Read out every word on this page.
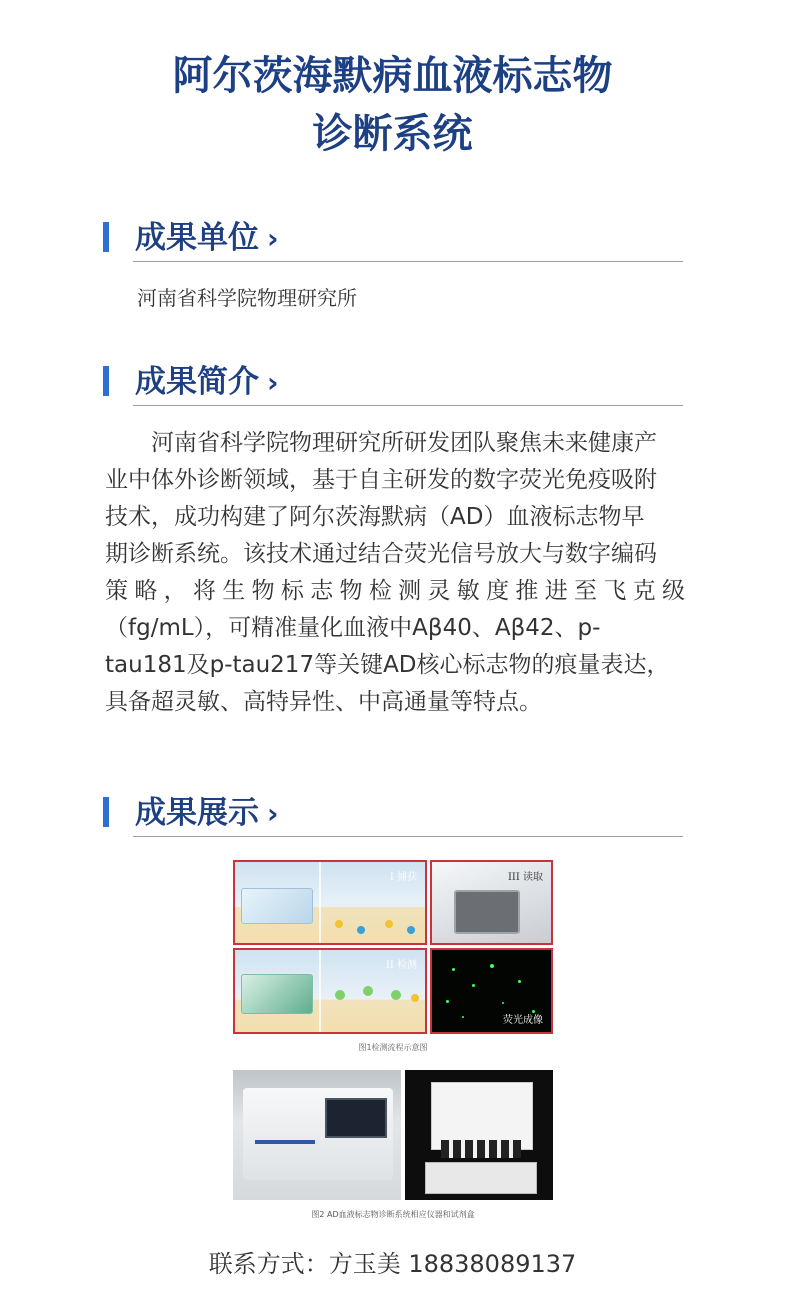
阿尔茨海默病血液标志物
诊断系统
成果单位 ›
河南省科学院物理研究所
成果简介 ›
河南省科学院物理研究所研发团队聚焦未来健康产
业中体外诊断领域，基于自主研发的数字荧光免疫吸附
技术，成功构建了阿尔茨海默病（AD）血液标志物早
期诊断系统。该技术通过结合荧光信号放大与数字编码
策略，将生物标志物检测灵敏度推进至飞克级
（fg/mL），可精准量化血液中Aβ40、Aβ42、p-
tau181及p-tau217等关键AD核心标志物的痕量表达，
具备超灵敏、高特异性、中高通量等特点。
成果展示 ›
I 捕获
II 检测
III 读取
荧光成像
图1检测流程示意图
图2 AD血液标志物诊断系统相应仪器和试剂盒
联系方式：方玉美 18838089137
